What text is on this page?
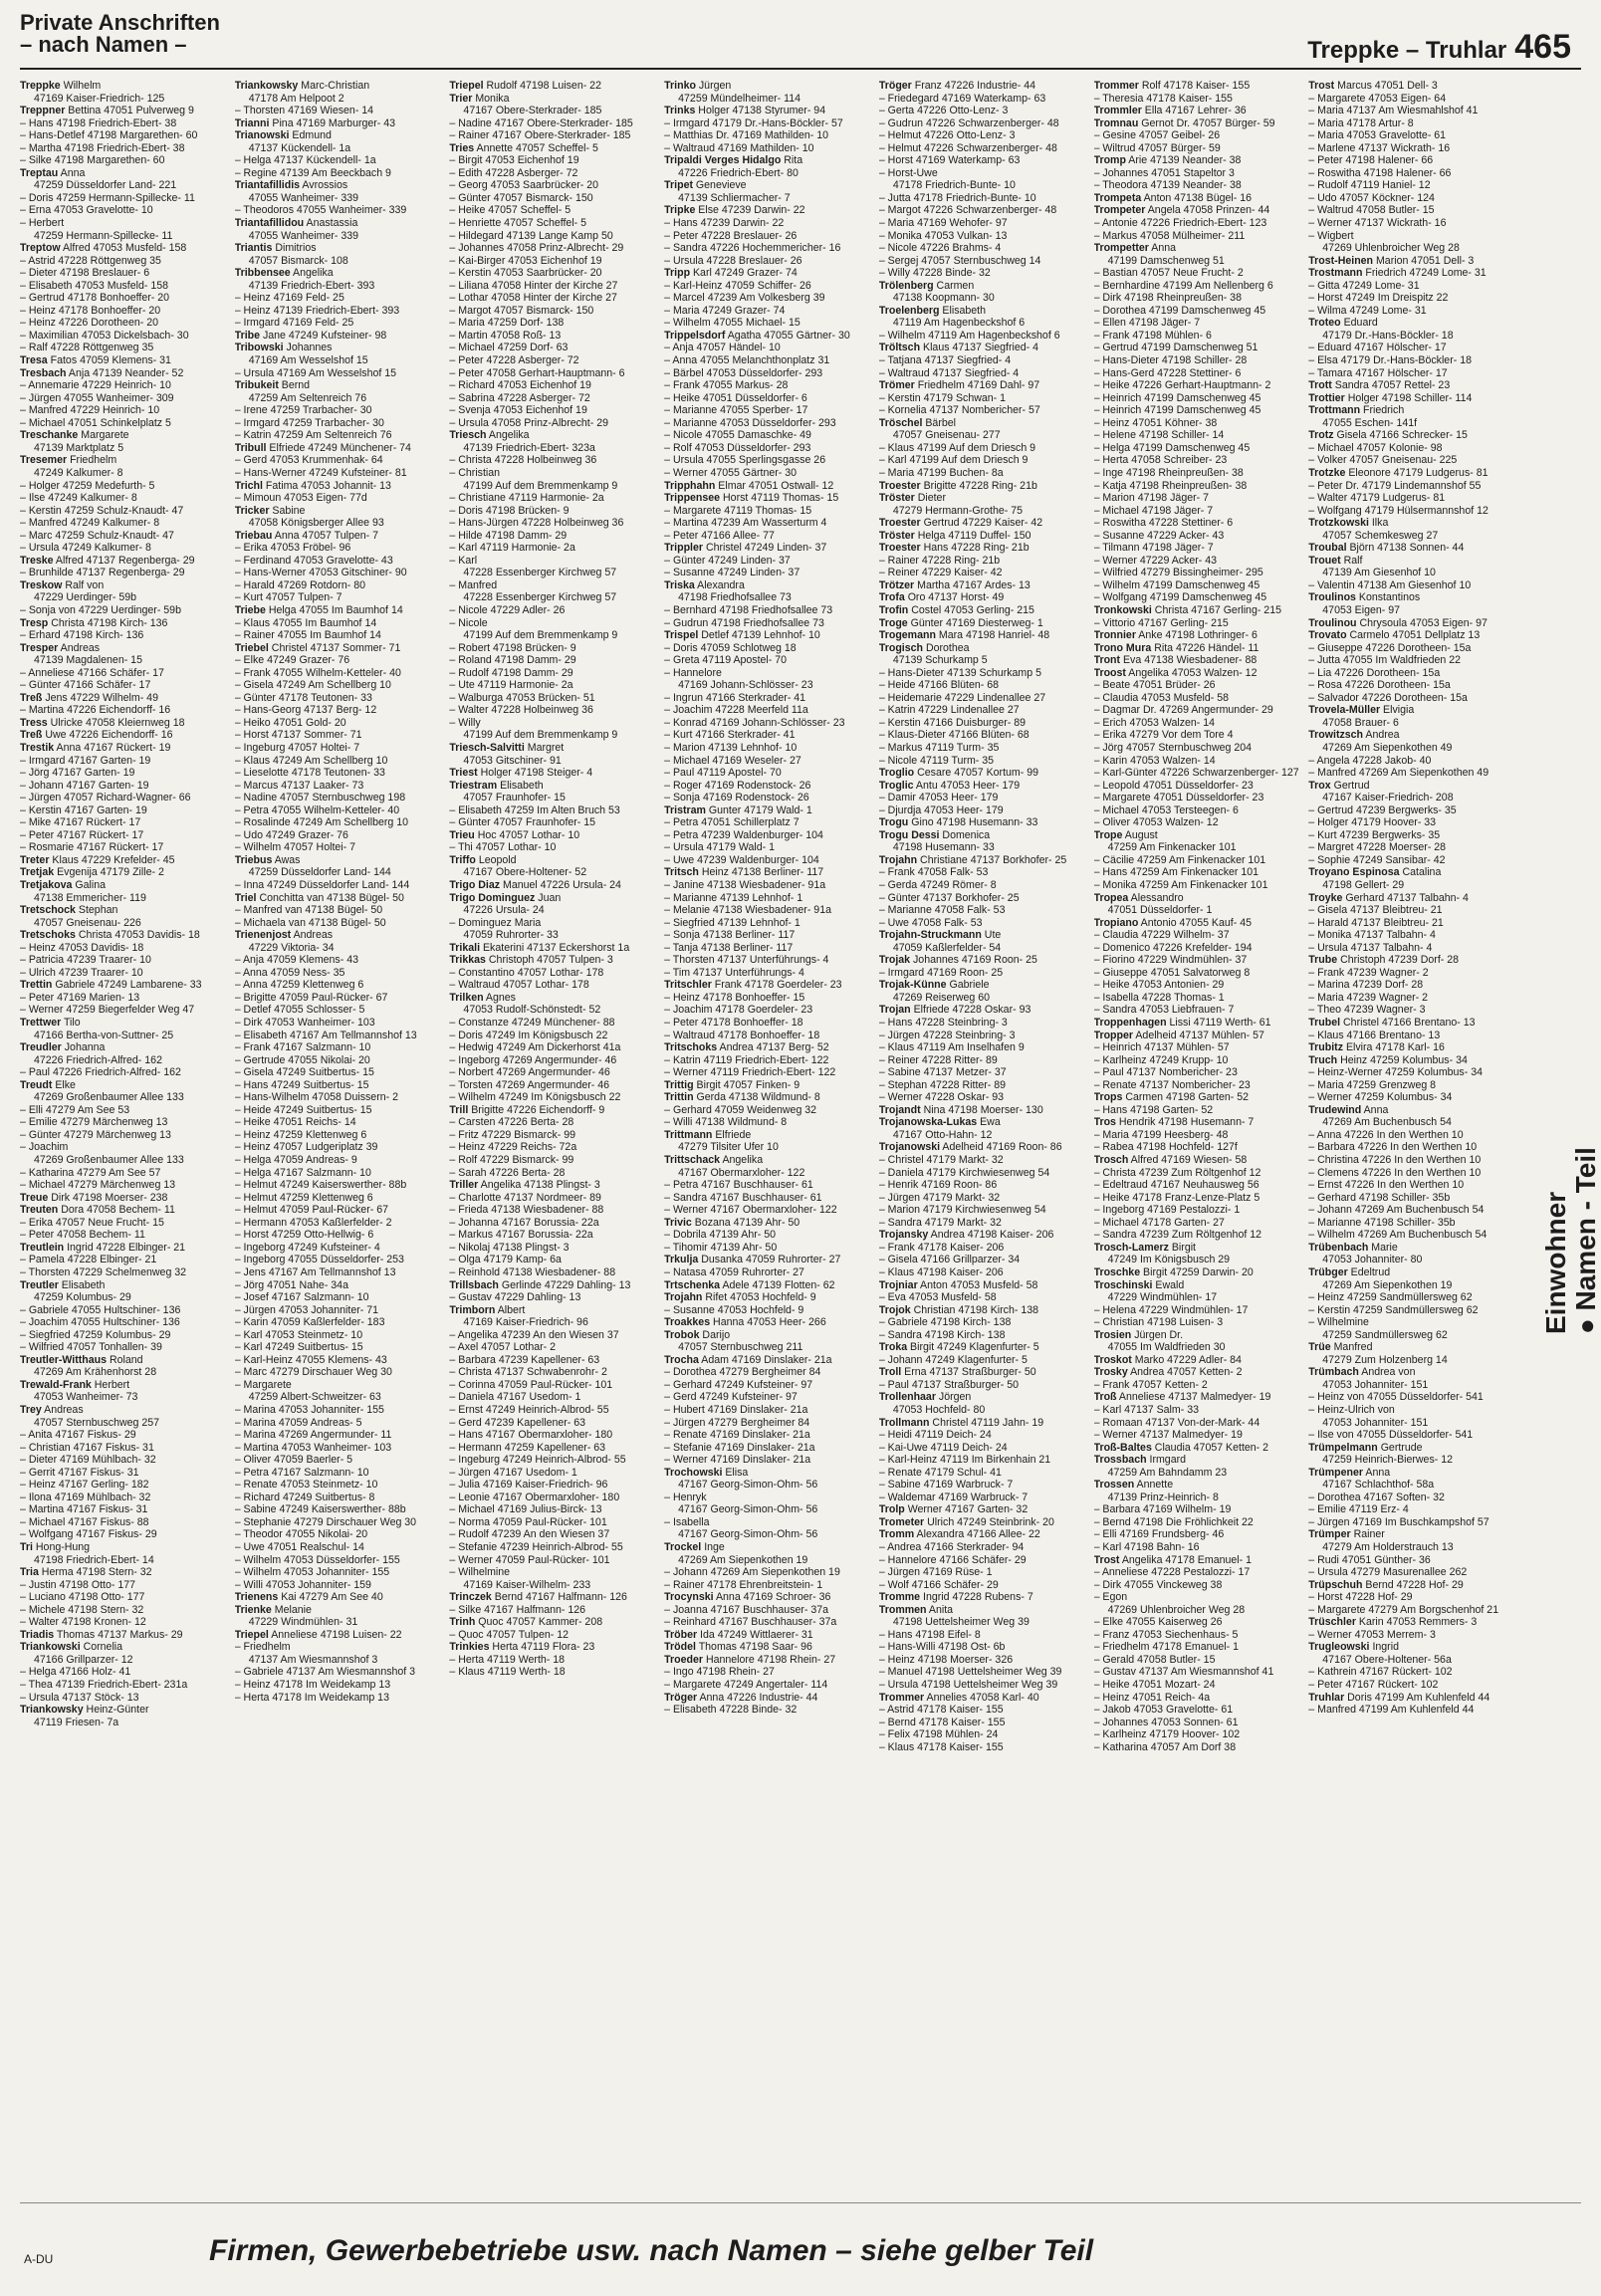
Private Anschriften
– nach Namen –	Treppke – Truhlar 465
Treppke Wilhelm
47169 Kaiser-Friedrich- 125
Treppner Bettina 47051 Pulverweg 9
– Hans 47198 Friedrich-Ebert- 38
– Hans-Detlef 47198 Margarethen- 60
– Martha 47198 Friedrich-Ebert- 38
– Silke 47198 Margarethen- 60
Treptau Anna
47259 Düsseldorfer Land- 221
– Doris 47259 Hermann-Spillecke- 11
– Erna 47053 Gravelotte- 10
– Herbert
47259 Hermann-Spillecke- 11
Treptow Alfred 47053 Musfeld- 158
– Astrid 47228 Röttgenweg 35
– Dieter 47198 Breslauer- 6
– Elisabeth 47053 Musfeld- 158
– Gertrud 47178 Bonhoeffer- 20
– Heinz 47178 Bonhoeffer- 20
– Heinz 47226 Dorotheen- 20
– Maximilian 47053 Dickelsbach- 30
– Ralf 47228 Röttgenweg 35
Tresa Fatos 47059 Klemens- 31
Tresbach Anja 47139 Neander- 52
– Annemarie 47229 Heinrich- 10
– Jürgen 47055 Wanheimer- 309
– Manfred 47229 Heinrich- 10
– Michael 47051 Schinkelplatz 5
Treschanke Margarete
47139 Marktplatz 5
Tresemer Friedhelm
47249 Kalkumer- 8
– Holger 47259 Medefurth- 5
– Ilse 47249 Kalkumer- 8
– Kerstin 47259 Schulz-Knaudt- 47
– Manfred 47249 Kalkumer- 8
– Marc 47259 Schulz-Knaudt- 47
– Ursula 47249 Kalkumer- 8
Treske Alfred 47137 Regenberga- 29
– Brunhilde 47137 Regenberga- 29
Treskow Ralf von
47229 Uerdinger- 59b
– Sonja von 47229 Uerdinger- 59b
Tresp Christa 47198 Kirch- 136
– Erhard 47198 Kirch- 136
Tresper Andreas
47139 Magdalenen- 15
– Anneliese 47166 Schäfer- 17
– Günter 47166 Schäfer- 17
Treß Jens 47229 Wilhelm- 49
– Martina 47226 Eichendorff- 16
Tress Ulricke 47058 Kleiernweg 18
Treß Uwe 47226 Eichendorff- 16
Trestik Anna 47167 Rückert- 19
– Irmgard 47167 Garten- 19
– Jörg 47167 Garten- 19
– Johann 47167 Garten- 19
– Jürgen 47057 Richard-Wagner- 66
– Kerstin 47167 Garten- 19
– Mike 47167 Rückert- 17
– Peter 47167 Rückert- 17
– Rosmarie 47167 Rückert- 17
Treter Klaus 47229 Krefelder- 45
Tretjak Evgenija 47179 Zille- 2
Tretjakova Galina
47138 Emmericher- 119
Tretschock Stephan
47057 Gneisenau- 226
Tretschoks Christa 47053 Davidis- 18
– Heinz 47053 Davidis- 18
– Patricia 47239 Traarer- 10
– Ulrich 47239 Traarer- 10
Trettin Gabriele 47249 Lambarene- 33
– Peter 47169 Marien- 13
– Werner 47259 Biegerfelder Weg 47
Trettwer Tilo
47166 Bertha-von-Suttner- 25
Treudler Johanna
47226 Friedrich-Alfred- 162
– Paul 47226 Friedrich-Alfred- 162
Treudt Elke
47269 Großenbaumer Allee 133
– Elli 47279 Am See 53
– Emilie 47279 Märchenweg 13
– Günter 47279 Märchenweg 13
– Joachim
47269 Großenbaumer Allee 133
– Katharina 47279 Am See 57
– Michael 47279 Märchenweg 13
Treue Dirk 47198 Moerser- 238
Treuten Dora 47058 Bechem- 11
– Erika 47057 Neue Frucht- 15
– Peter 47058 Bechem- 11
Treutlein Ingrid 47228 Elbinger- 21
– Pamela 47228 Elbinger- 21
– Thorsten 47229 Schelmenweg 32
Treutler Elisabeth
47259 Kolumbus- 29
– Gabriele 47055 Hultschiner- 136
– Joachim 47055 Hultschiner- 136
– Siegfried 47259 Kolumbus- 29
– Wilfried 47057 Tonhallen- 39
Treutler-Witthaus Roland
47269 Am Krähenhorst 28
Trewald-Frank Herbert
47053 Wanheimer- 73
Trey Andreas
47057 Sternbuschweg 257
– Anita 47167 Fiskus- 29
– Christian 47167 Fiskus- 31
– Dieter 47169 Mühlbach- 32
– Gerrit 47167 Fiskus- 31
– Heinz 47167 Gerling- 182
– Ilona 47169 Mühlbach- 32
– Martina 47167 Fiskus- 31
– Michael 47167 Fiskus- 88
– Wolfgang 47167 Fiskus- 29
Tri Hong-Hung
47198 Friedrich-Ebert- 14
Tria Herma 47198 Stern- 32
– Justin 47198 Otto- 177
– Luciano 47198 Otto- 177
– Michele 47198 Stern- 32
– Walter 47198 Kronen- 12
Triadis Thomas 47137 Markus- 29
Triankowski Cornelia
47166 Grillparzer- 12
– Helga 47166 Holz- 41
– Thea 47139 Friedrich-Ebert- 231a
– Ursula 47137 Stöck- 13
Triankowsky Heinz-Günter
47119 Friesen- 7a
Triankowsky Marc-Christian
47178 Am Helpoot 2
– Thorsten 47169 Wiesen- 14
Trianni Pina 47169 Marburger- 43
Trianowski Edmund
47137 Kückendell- 1a
– Helga 47137 Kückendell- 1a
– Regine 47139 Am Beeckbach 9
Triantafillidis Avrossios
47055 Wanheimer- 339
– Theodoros 47055 Wanheimer- 339
Triantafillidou Anastassia
47055 Wanheimer- 339
Triantis Dimitrios
47057 Bismarck- 108
Tribbensee Angelika
47139 Friedrich-Ebert- 393
– Heinz 47169 Feld- 25
– Heinz 47139 Friedrich-Ebert- 393
– Irmgard 47169 Feld- 25
Tribe Jane 47249 Kufsteiner- 98
Tribowski Johannes
47169 Am Wesselshof 15
– Ursula 47169 Am Wesselshof 15
Tribukeit Bernd
47259 Am Seltenreich 76
– Irene 47259 Trarbacher- 30
– Irmgard 47259 Trarbacher- 30
– Katrin 47259 Am Seltenreich 76
Tribull Elfriede 47249 Münchener- 74
– Gerd 47053 Krummenhak- 64
– Hans-Werner 47249 Kufsteiner- 81
Trichl Fatima 47053 Johannit- 13
– Mimoun 47053 Eigen- 77d
Tricker Sabine
47058 Königsberger Allee 93
Triebau Anna 47057 Tulpen- 7
– Erika 47053 Fröbel- 96
– Ferdinand 47053 Gravelotte- 43
– Hans-Werner 47053 Gitschiner- 90
– Harald 47269 Rotdorn- 80
– Kurt 47057 Tulpen- 7
Triebe Helga 47055 Im Baumhof 14
– Klaus 47055 Im Baumhof 14
– Rainer 47055 Im Baumhof 14
Triebel Christel 47137 Sommer- 71
– Elke 47249 Grazer- 76
– Frank 47055 Wilhelm-Ketteler- 40
– Gisela 47249 Am Schellberg 10
– Günter 47178 Teutonen- 33
– Hans-Georg 47137 Berg- 12
– Heiko 47051 Gold- 20
– Horst 47137 Sommer- 71
– Ingeburg 47057 Holtei- 7
– Klaus 47249 Am Schellberg 10
– Lieselotte 47178 Teutonen- 33
– Marcus 47137 Laaker- 73
– Nadine 47057 Sternbuschweg 198
– Petra 47055 Wilhelm-Ketteler- 40
– Rosalinde 47249 Am Schellberg 10
– Udo 47249 Grazer- 76
– Wilhelm 47057 Holtei- 7
Triebus Awas
47259 Düsseldorfer Land- 144
– Inna 47249 Düsseldorfer Land- 144
Triel Conchitta van 47138 Bügel- 50
– Manfred van 47138 Bügel- 50
– Michaela van 47138 Bügel- 50
Trienenjost Andreas
47229 Viktoria- 34
– Anja 47059 Klemens- 43
– Anna 47059 Ness- 35
– Anna 47259 Klettenweg 6
– Brigitte 47059 Paul-Rücker- 67
– Detlef 47055 Schlosser- 5
– Dirk 47053 Wanheimer- 103
– Elisabeth 47167 Am Tellmannshof 13
– Frank 47167 Salzmann- 10
– Gertrude 47055 Nikolai- 20
– Gisela 47249 Suitbertus- 15
– Hans 47249 Suitbertus- 15
– Hans-Wilhelm 47058 Duissern- 2
– Heide 47249 Suitbertus- 15
– Heike 47051 Reichs- 14
– Heinz 47259 Klettenweg 6
– Heinz 47057 Ludgeriplatz 39
– Helga 47059 Andreas- 9
– Helga 47167 Salzmann- 10
– Helmut 47249 Kaiserswerther- 88b
– Helmut 47259 Klettenweg 6
– Helmut 47059 Paul-Rücker- 67
– Hermann 47053 Kaßlerfelder- 2
– Horst 47259 Otto-Hellwig- 6
– Ingeborg 47249 Kufsteiner- 4
– Ingeborg 47055 Düsseldorfer- 253
– Jens 47167 Am Tellmannshof 13
– Jörg 47051 Nahe- 34a
– Josef 47167 Salzmann- 10
– Jürgen 47053 Johanniter- 71
– Karin 47059 Kaßlerfelder- 183
– Karl 47053 Steinmetz- 10
– Karl 47249 Suitbertus- 15
– Karl-Heinz 47055 Klemens- 43
– Marc 47279 Dirschauer Weg 30
– Margarete
47259 Albert-Schweitzer- 63
– Marina 47053 Johanniter- 155
– Marina 47059 Andreas- 5
– Marina 47269 Angermunder- 11
– Martina 47053 Wanheimer- 103
– Oliver 47059 Baerler- 5
– Petra 47167 Salzmann- 10
– Renate 47053 Steinmetz- 10
– Richard 47249 Suitbertus- 8
– Sabine 47249 Kaiserswerther- 88b
– Stephanie 47279 Dirschauer Weg 30
– Theodor 47055 Nikolai- 20
– Uwe 47051 Realschul- 14
– Wilhelm 47053 Düsseldorfer- 155
– Wilhelm 47053 Johanniter- 155
– Willi 47053 Johanniter- 159
Trienens Kai 47279 Am See 40
Trienke Melanie
47229 Windmühlen- 31
Triepel Anneliese 47198 Luisen- 22
– Friedhelm
47137 Am Wiesmannshof 3
– Gabriele 47137 Am Wiesmannshof 3
– Heinz 47178 Im Weidekamp 13
– Herta 47178 Im Weidekamp 13
Triepel Rudolf 47198 Luisen- 22
Trier Monika
47167 Obere-Sterkrader- 185
– Nadine 47167 Obere-Sterkrader- 185
– Rainer 47167 Obere-Sterkrader- 185
Tries Annette 47057 Scheffel- 5
– Birgit 47053 Eichenhof 19
– Edith 47228 Asberger- 72
– Georg 47053 Saarbrücker- 20
– Günter 47057 Bismarck- 150
– Heike 47057 Scheffel- 5
– Henriette 47057 Scheffel- 5
– Hildegard 47139 Lange Kamp 50
– Johannes 47058 Prinz-Albrecht- 29
– Kai-Birger 47053 Eichenhof 19
– Kerstin 47053 Saarbrücker- 20
– Liliana 47058 Hinter der Kirche 27
– Lothar 47058 Hinter der Kirche 27
– Margot 47057 Bismarck- 150
– Maria 47259 Dorf- 138
– Martin 47058 Roß- 13
– Michael 47259 Dorf- 63
– Peter 47228 Asberger- 72
– Peter 47058 Gerhart-Hauptmann- 6
– Richard 47053 Eichenhof 19
– Sabrina 47228 Asberger- 72
– Svenja 47053 Eichenhof 19
– Ursula 47058 Prinz-Albrecht- 29
Triesch Angelika
47139 Friedrich-Ebert- 323a
– Christa 47228 Holbeinweg 36
– Christian
47199 Auf dem Bremmenkamp 9
– Christiane 47119 Harmonie- 2a
– Doris 47198 Brücken- 9
– Hans-Jürgen 47228 Holbeinweg 36
– Hilde 47198 Damm- 29
– Karl 47119 Harmonie- 2a
– Karl
47228 Essenberger Kirchweg 57
– Manfred
47228 Essenberger Kirchweg 57
– Nicole 47229 Adler- 26
– Nicole
47199 Auf dem Bremmenkamp 9
– Robert 47198 Brücken- 9
– Roland 47198 Damm- 29
– Rudolf 47198 Damm- 29
– Ute 47119 Harmonie- 2a
– Walburga 47053 Brücken- 51
– Walter 47228 Holbeinweg 36
– Willy
47199 Auf dem Bremmenkamp 9
Triesch-Salvitti Margret
47053 Gitschiner- 91
Triest Holger 47198 Steiger- 4
Triestram Elisabeth
47057 Fraunhofer- 15
– Elisabeth 47259 Im Alten Bruch 53
– Günter 47057 Fraunhofer- 15
Trieu Hoc 47057 Lothar- 10
– Thi 47057 Lothar- 10
Triffo Leopold
47167 Obere-Holtener- 52
Trigo Diaz Manuel 47226 Ursula- 24
Trigo Dominguez Juan
47226 Ursula- 24
– Dominguez Maria
47059 Ruhrorter- 33
Trikali Ekaterini 47137 Eckershorst 1a
Trikkas Christoph 47057 Tulpen- 3
– Constantino 47057 Lothar- 178
– Waltraud 47057 Lothar- 178
Trilken Agnes
47053 Rudolf-Schönstedt- 52
– Constanze 47249 Münchener- 88
– Doris 47249 Im Königsbusch 22
– Hedwig 47249 Am Dickerhorst 41a
– Ingeborg 47269 Angermunder- 46
– Norbert 47269 Angermunder- 46
– Torsten 47269 Angermunder- 46
– Wilhelm 47249 Im Königsbusch 22
Trill Brigitte 47226 Eichendorff- 9
– Carsten 47226 Berta- 28
– Fritz 47229 Bismarck- 99
– Heinz 47229 Reichs- 72a
– Rolf 47229 Bismarck- 99
– Sarah 47226 Berta- 28
Triller Angelika 47138 Plingst- 3
– Charlotte 47137 Nordmeer- 89
– Frieda 47138 Wiesbadener- 88
– Johanna 47167 Borussia- 22a
– Markus 47167 Borussia- 22a
– Nikolaj 47138 Plingst- 3
– Olga 47179 Kamp- 6a
– Reinhold 47138 Wiesbadener- 88
Trillsbach Gerlinde 47229 Dahling- 13
– Gustav 47229 Dahling- 13
Trimborn Albert
47169 Kaiser-Friedrich- 96
– Angelika 47239 An den Wiesen 37
– Axel 47057 Lothar- 2
– Barbara 47239 Kapellener- 63
– Christa 47137 Schwabenrohr- 2
– Corinna 47059 Paul-Rücker- 101
– Daniela 47167 Usedom- 1
– Ernst 47249 Heinrich-Albrod- 55
– Gerd 47239 Kapellener- 63
– Hans 47167 Obermarxloher- 180
– Hermann 47259 Kapellener- 63
– Ingeburg 47249 Heinrich-Albrod- 55
– Jürgen 47167 Usedom- 1
– Julia 47169 Kaiser-Friedrich- 96
– Leonie 47167 Obermarxloher- 180
– Michael 47169 Julius-Birck- 13
– Norma 47059 Paul-Rücker- 101
– Rudolf 47239 An den Wiesen 37
– Stefanie 47239 Heinrich-Albrod- 55
– Werner 47059 Paul-Rücker- 101
– Wilhelmine
47169 Kaiser-Wilhelm- 233
Trinczek Bernd 47167 Halfmann- 126
– Silke 47167 Halfmann- 126
Trinh Quoc 47057 Kammer- 208
– Quoc 47057 Tulpen- 12
Trinkies Herta 47119 Flora- 23
– Herta 47119 Werth- 18
– Klaus 47119 Werth- 18
Trinko Jürgen
47259 Mündelheimer- 114
Trinks Holger 47138 Styrumer- 94
– Irmgard 47179 Dr.-Hans-Böckler- 57
– Matthias Dr. 47169 Mathilden- 10
– Waltraud 47169 Mathilden- 10
Tripaldi Verges Hidalgo Rita
47226 Friedrich-Ebert- 80
Tripet Genevieve
47139 Schliermacher- 7
Tripke Else 47239 Darwin- 22
– Hans 47239 Darwin- 22
– Peter 47228 Breslauer- 26
– Sandra 47226 Hochemmericher- 16
– Ursula 47228 Breslauer- 26
Tripp Karl 47249 Grazer- 74
– Karl-Heinz 47059 Schiffer- 26
– Marcel 47239 Am Volkesberg 39
– Maria 47249 Grazer- 74
– Wilhelm 47055 Michael- 15
Trippelsdorf Agatha 47055 Gärtner- 30
– Anja 47057 Händel- 10
– Anna 47055 Melanchthonplatz 31
– Bärbel 47053 Düsseldorfer- 293
– Frank 47055 Markus- 28
– Heike 47051 Düsseldorfer- 6
– Marianne 47055 Sperber- 17
– Marianne 47053 Düsseldorfer- 293
– Nicole 47055 Damaschke- 49
– Rolf 47053 Düsseldorfer- 293
– Ursula 47055 Sperlingsgasse 26
– Werner 47055 Gärtner- 30
Tripphahn Elmar 47051 Ostwall- 12
Trippensee Horst 47119 Thomas- 15
– Margarete 47119 Thomas- 15
– Martina 47239 Am Wasserturm 4
– Peter 47166 Allee- 77
Trippler Christel 47249 Linden- 37
– Günter 47249 Linden- 37
– Susanne 47249 Linden- 37
Triska Alexandra
47198 Friedhofsallee 73
– Bernhard 47198 Friedhofsallee 73
– Gudrun 47198 Friedhofsallee 73
Trispel Detlef 47139 Lehnhof- 10
– Doris 47059 Schlotweg 18
– Greta 47119 Apostel- 70
– Hannelore
47169 Johann-Schlösser- 23
– Ingrun 47166 Sterkrader- 41
– Joachim 47228 Meerfeld 11a
– Konrad 47169 Johann-Schlösser- 23
– Kurt 47166 Sterkrader- 41
– Marion 47139 Lehnhof- 10
– Michael 47169 Weseler- 27
– Paul 47119 Apostel- 70
– Roger 47169 Rodenstock- 26
– Sonja 47169 Rodenstock- 26
Tristram Gunter 47179 Wald- 1
– Petra 47051 Schillerplatz 7
– Petra 47239 Waldenburger- 104
– Ursula 47179 Wald- 1
– Uwe 47239 Waldenburger- 104
Tritsch Heinz 47138 Berliner- 117
– Janine 47138 Wiesbadener- 91a
– Marianne 47139 Lehnhof- 1
– Melanie 47138 Wiesbadener- 91a
– Siegfried 47139 Lehnhof- 1
– Sonja 47138 Berliner- 117
– Tanja 47138 Berliner- 117
– Thorsten 47137 Unterführungs- 4
– Tim 47137 Unterführungs- 4
Tritschler Frank 47178 Goerdeler- 23
– Heinz 47178 Bonhoeffer- 15
– Joachim 47178 Goerdeler- 23
– Peter 47178 Bonhoeffer- 18
– Waltraud 47178 Bonhoeffer- 18
Tritschoks Andrea 47137 Berg- 52
– Katrin 47119 Friedrich-Ebert- 122
– Werner 47119 Friedrich-Ebert- 122
Trittig Birgit 47057 Finken- 9
Trittin Gerda 47138 Wildmund- 8
– Gerhard 47059 Weidenweg 32
– Willi 47138 Wildmund- 8
Trittmann Elfriede
47279 Tilsiter Ufer 10
Trittschack Angelika
47167 Obermarxloher- 122
– Petra 47167 Buschhauser- 61
– Sandra 47167 Buschhauser- 61
– Werner 47167 Obermarxloher- 122
Trivic Bozana 47139 Ahr- 50
– Dobrila 47139 Ahr- 50
– Tihomir 47139 Ahr- 50
Trkulja Dusanka 47059 Ruhrorter- 27
– Natasa 47059 Ruhrorter- 27
Trtschenka Adele 47139 Flotten- 62
Trojahn Rifet 47053 Hochfeld- 9
– Susanne 47053 Hochfeld- 9
Troakkes Hanna 47053 Heer- 266
Trobok Darijo
47057 Sternbuschweg 211
Trocha Adam 47169 Dinslaker- 21a
– Dorothea 47279 Bergheimer 84
– Gerhard 47249 Kufsteiner- 97
– Gerd 47249 Kufsteiner- 97
– Hubert 47169 Dinslaker- 21a
– Jürgen 47279 Bergheimer 84
– Renate 47169 Dinslaker- 21a
– Stefanie 47169 Dinslaker- 21a
– Werner 47169 Dinslaker- 21a
Trochowski Elisa
47167 Georg-Simon-Ohm- 56
– Henryk
47167 Georg-Simon-Ohm- 56
– Isabella
47167 Georg-Simon-Ohm- 56
Trockel Inge
47269 Am Siepenkothen 19
– Johann 47269 Am Siepenkothen 19
– Rainer 47178 Ehrenbreitstein- 1
Trocynski Anna 47169 Schroer- 36
– Joanna 47167 Buschhauser- 37a
– Reinhard 47167 Buschhauser- 37a
Tröber Ida 47249 Wittlaerer- 31
Trödel Thomas 47198 Saar- 96
Troeder Hannelore 47198 Rhein- 27
– Ingo 47198 Rhein- 27
– Margarete 47249 Angertaler- 114
Tröger Anna 47226 Industrie- 44
– Elisabeth 47228 Binde- 32
Tröger Franz 47226 Industrie- 44
– Friedegard 47169 Waterkamp- 63
– Gerta 47226 Otto-Lenz- 3
– Gudrun 47226 Schwarzenberger- 48
– Helmut 47226 Otto-Lenz- 3
– Helmut 47226 Schwarzenberger- 48
– Horst 47169 Waterkamp- 63
– Horst-Uwe
47178 Friedrich-Bunte- 10
– Jutta 47178 Friedrich-Bunte- 10
– Margot 47226 Schwarzenberger- 48
– Maria 47169 Wehofer- 97
– Monika 47053 Vulkan- 13
– Nicole 47226 Brahms- 4
– Sergej 47057 Sternbuschweg 14
– Willy 47228 Binde- 32
Trölenberg Carmen
47138 Koopmann- 30
Troelenberg Elisabeth
47119 Am Hagenbeckshof 6
– Wilhelm 47119 Am Hagenbeckshof 6
Tröltsch Klaus 47137 Siegfried- 4
– Tatjana 47137 Siegfried- 4
– Waltraud 47137 Siegfried- 4
Trömer Friedhelm 47169 Dahl- 97
– Kerstin 47179 Schwan- 1
– Kornelia 47137 Nombericher- 57
Tröschel Bärbel
47057 Gneisenau- 277
– Klaus 47199 Auf dem Driesch 9
– Karl 47199 Auf dem Driesch 9
– Maria 47199 Buchen- 8a
Troester Brigitte 47228 Ring- 21b
Tröster Dieter
47279 Hermann-Grothe- 75
Troester Gertrud 47229 Kaiser- 42
Tröster Helga 47119 Duffel- 150
Troester Hans 47228 Ring- 21b
– Rainer 47228 Ring- 21b
– Reiner 47229 Kaiser- 42
Trötzer Martha 47167 Ardes- 13
Trofa Oro 47137 Horst- 49
Trofin Costel 47053 Gerling- 215
Troge Günter 47169 Diesterweg- 1
Trogemann Mara 47198 Hanriel- 48
Trogisch Dorothea
47139 Schurkamp 5
– Hans-Dieter 47139 Schurkamp 5
– Heide 47166 Blüten- 68
– Heidemarie 47229 Lindenallee 27
– Katrin 47229 Lindenallee 27
– Kerstin 47166 Duisburger- 89
– Klaus-Dieter 47166 Blüten- 68
– Markus 47119 Turm- 35
– Nicole 47119 Turm- 35
Troglio Cesare 47057 Kortum- 99
Troglic Antu 47053 Heer- 179
– Damir 47053 Heer- 179
– Djurdja 47053 Heer- 179
Trogu Gino 47198 Husemann- 33
Trogu Dessi Domenica
47198 Husemann- 33
Trojahn Christiane 47137 Borkhofer- 25
– Frank 47058 Falk- 53
– Gerda 47249 Römer- 8
– Günter 47137 Borkhofer- 25
– Marianne 47058 Falk- 53
– Uwe 47058 Falk- 53
Trojahn-Struckmann Ute
47059 Kaßlerfelder- 54
Trojak Johannes 47169 Roon- 25
– Irmgard 47169 Roon- 25
Trojak-Künne Gabriele
47269 Reiserweg 60
Trojan Elfriede 47228 Oskar- 93
– Hans 47228 Steinbring- 3
– Jürgen 47228 Steinbring- 3
– Klaus 47119 Am Inselhafen 9
– Reiner 47228 Ritter- 89
– Sabine 47137 Metzer- 37
– Stephan 47228 Ritter- 89
– Werner 47228 Oskar- 93
Trojandt Nina 47198 Moerser- 130
Trojanowska-Lukas Ewa
47167 Otto-Hahn- 12
Trojanowski Adelheid 47169 Roon- 86
– Christel 47179 Markt- 32
– Daniela 47179 Kirchwiesenweg 54
– Henrik 47169 Roon- 86
– Jürgen 47179 Markt- 32
– Marion 47179 Kirchwiesenweg 54
– Sandra 47179 Markt- 32
Trojansky Andrea 47198 Kaiser- 206
– Frank 47178 Kaiser- 206
– Gisela 47166 Grillparzer- 34
– Klaus 47198 Kaiser- 206
Trojniar Anton 47053 Musfeld- 58
– Eva 47053 Musfeld- 58
Trojok Christian 47198 Kirch- 138
– Gabriele 47198 Kirch- 138
– Sandra 47198 Kirch- 138
Troka Birgit 47249 Klagenfurter- 5
– Johann 47249 Klagenfurter- 5
Troll Erna 47137 Straßburger- 50
– Paul 47137 Straßburger- 50
Trollenhaar Jörgen
47053 Hochfeld- 80
Trollmann Christel 47119 Jahn- 19
– Heidi 47119 Deich- 24
– Kai-Uwe 47119 Deich- 24
– Karl-Heinz 47119 Im Birkenhain 21
– Renate 47179 Schul- 41
– Sabine 47169 Warbruck- 7
– Waldemar 47169 Warbruck- 7
Trolp Werner 47167 Garten- 32
Trometer Ulrich 47249 Steinbrink- 20
Tromm Alexandra 47166 Allee- 22
– Andrea 47166 Sterkrader- 94
– Hannelore 47166 Schäfer- 29
– Jürgen 47169 Rüse- 1
– Wolf 47166 Schäfer- 29
Tromme Ingrid 47228 Rubens- 7
Trommen Anita
47198 Uettelsheimer Weg 39
– Hans 47198 Eifel- 8
– Hans-Willi 47198 Ost- 6b
– Heinz 47198 Moerser- 326
– Manuel 47198 Uettelsheimer Weg 39
– Ursula 47198 Uettelsheimer Weg 39
Trommer Annelies 47058 Karl- 40
– Astrid 47178 Kaiser- 155
– Bernd 47178 Kaiser- 155
– Felix 47198 Mühlen- 24
– Klaus 47178 Kaiser- 155
Trommer Rolf 47178 Kaiser- 155
– Theresia 47178 Kaiser- 155
Trommler Ella 47167 Lehrer- 36
Tromnau Gernot Dr. 47057 Bürger- 59
– Gesine 47057 Geibel- 26
– Wiltrud 47057 Bürger- 59
Tromp Arie 47139 Neander- 38
– Johannes 47051 Stapeltor 3
– Theodora 47139 Neander- 38
Trompeta Anton 47138 Bügel- 16
Trompeter Angela 47058 Prinzen- 44
– Antonie 47226 Friedrich-Ebert- 123
– Markus 47058 Mülheimer- 211
Trompetter Anna
47199 Damschenweg 51
– Bastian 47057 Neue Frucht- 2
– Bernhardine 47199 Am Nellenberg 6
– Dirk 47198 Rheinpreußen- 38
– Dorothea 47199 Damschenweg 45
– Ellen 47198 Jäger- 7
– Frank 47198 Mühlen- 6
– Gertrud 47199 Damschenweg 51
– Hans-Dieter 47198 Schiller- 28
– Hans-Gerd 47228 Stettiner- 6
– Heike 47226 Gerhart-Hauptmann- 2
– Heinrich 47199 Damschenweg 45
– Heinrich 47199 Damschenweg 45
– Heinz 47051 Köhner- 38
– Helene 47198 Schiller- 14
– Helga 47199 Damschenweg 45
– Herta 47058 Schreiber- 23
– Inge 47198 Rheinpreußen- 38
– Katja 47198 Rheinpreußen- 38
– Marion 47198 Jäger- 7
– Michael 47198 Jäger- 7
– Roswitha 47228 Stettiner- 6
– Susanne 47229 Acker- 43
– Tilmann 47198 Jäger- 7
– Werner 47229 Acker- 43
– Wilfried 47279 Bissingheimer- 295
– Wilhelm 47199 Damschenweg 45
– Wolfgang 47199 Damschenweg 45
Tronkowski Christa 47167 Gerling- 215
– Vittorio 47167 Gerling- 215
Tronnier Anke 47198 Lothringer- 6
Trono Mura Rita 47226 Händel- 11
Tront Eva 47138 Wiesbadener- 88
Troost Angelika 47053 Walzen- 12
– Beate 47051 Brüder- 26
– Claudia 47053 Musfeld- 58
– Dagmar Dr. 47269 Angermunder- 29
– Erich 47053 Walzen- 14
– Erika 47279 Vor dem Tore 4
– Jörg 47057 Sternbuschweg 204
– Karin 47053 Walzen- 14
– Karl-Günter 47226 Schwarzenberger- 127
– Leopold 47051 Düsseldorfer- 23
– Margarete 47051 Düsseldorfer- 23
– Michael 47053 Tersteegen- 6
– Oliver 47053 Walzen- 12
Trope August
47259 Am Finkenacker 101
– Cäcilie 47259 Am Finkenacker 101
– Hans 47259 Am Finkenacker 101
– Monika 47259 Am Finkenacker 101
Tropea Alessandro
47051 Düsseldorfer- 1
Tropiano Antonio 47055 Kauf- 45
– Claudia 47229 Wilhelm- 37
– Domenico 47226 Krefelder- 194
– Fiorino 47229 Windmühlen- 37
– Giuseppe 47051 Salvatorweg 8
– Heike 47053 Antonien- 29
– Isabella 47228 Thomas- 1
– Sandra 47053 Liebfrauen- 7
Troppenhagen Lissi 47119 Werth- 61
Tropper Adelheid 47137 Mühlen- 57
– Heinrich 47137 Mühlen- 57
– Karlheinz 47249 Krupp- 10
– Paul 47137 Nombericher- 23
– Renate 47137 Nombericher- 23
Trops Carmen 47198 Garten- 52
– Hans 47198 Garten- 52
Tros Hendrik 47198 Husemann- 7
– Maria 47199 Heesberg- 48
– Rabea 47198 Hochfeld- 127f
Trosch Alfred 47169 Wiesen- 58
– Christa 47239 Zum Röltgenhof 12
– Edeltraud 47167 Neuhausweg 56
– Heike 47178 Franz-Lenze-Platz 5
– Ingeborg 47169 Pestalozzi- 1
– Michael 47178 Garten- 27
– Sandra 47239 Zum Röltgenhof 12
Trosch-Lamerz Birgit
47249 Im Königsbusch 29
Troschke Birgit 47259 Darwin- 20
Troschinski Ewald
47229 Windmühlen- 17
– Helena 47229 Windmühlen- 17
– Christian 47198 Luisen- 3
Trosien Jürgen Dr.
47055 Im Waldfrieden 30
Troskot Marko 47229 Adler- 84
Trosky Andrea 47057 Ketten- 2
– Frank 47057 Ketten- 2
Troß Anneliese 47137 Malmedyer- 19
– Karl 47137 Salm- 33
– Romaan 47137 Von-der-Mark- 44
– Werner 47137 Malmedyer- 19
Troß-Baltes Claudia 47057 Ketten- 2
Trossbach Irmgard
47259 Am Bahndamm 23
Trossen Annette
47139 Prinz-Heinrich- 8
– Barbara 47169 Wilhelm- 19
– Bernd 47198 Die Fröhlichkeit 22
– Elli 47169 Frundsberg- 46
– Karl 47198 Bahn- 16
Trost Angelika 47178 Emanuel- 1
– Anneliese 47228 Pestalozzi- 17
– Dirk 47055 Vinckeweg 38
– Egon
47269 Uhlenbroicher Weg 28
– Elke 47055 Kaiserweg 26
– Franz 47053 Siechenhaus- 5
– Friedhelm 47178 Emanuel- 1
– Gerald 47058 Butler- 15
– Gustav 47137 Am Wiesmannshof 41
– Heike 47051 Mozart- 24
– Heinz 47051 Reich- 4a
– Jakob 47053 Gravelotte- 61
– Johannes 47053 Sonnen- 61
– Karlheinz 47179 Hoover- 102
– Katharina 47057 Am Dorf 38
Trost Marcus 47051 Dell- 3
– Margarete 47053 Eigen- 64
– Maria 47137 Am Wiesmahlshof 41
– Maria 47178 Artur- 8
– Maria 47053 Gravelotte- 61
– Marlene 47137 Wickrath- 16
– Peter 47198 Halener- 66
– Roswitha 47198 Halener- 66
– Rudolf 47119 Haniel- 12
– Udo 47057 Köckner- 124
– Waltrud 47058 Butler- 15
– Werner 47137 Wickrath- 16
– Wigbert
47269 Uhlenbroicher Weg 28
Trost-Heinen Marion 47051 Dell- 3
Trostmann Friedrich 47249 Lome- 31
– Gitta 47249 Lome- 31
– Horst 47249 Im Dreispitz 22
– Wilma 47249 Lome- 31
Troteo Eduard
47179 Dr.-Hans-Böckler- 18
– Eduard 47167 Hölscher- 17
– Elsa 47179 Dr.-Hans-Böckler- 18
– Tamara 47167 Hölscher- 17
Trott Sandra 47057 Rettel- 23
Trottier Holger 47198 Schiller- 114
Trottmann Friedrich
47055 Eschen- 141f
Trotz Gisela 47166 Schrecker- 15
– Michael 47057 Kolonie- 98
– Volker 47057 Gneisenau- 225
Trotzke Eleonore 47179 Ludgerus- 81
– Peter Dr. 47179 Lindemannshof 55
– Walter 47179 Ludgerus- 81
– Wolfgang 47179 Hülsermannshof 12
Trotzkowski Ilka
47057 Schemkesweg 27
Troubal Björn 47138 Sonnen- 44
Trouet Ralf
47139 Am Giesenhof 10
– Valentin 47138 Am Giesenhof 10
Troulinos Konstantinos
47053 Eigen- 97
Troulinou Chrysoula 47053 Eigen- 97
Trovato Carmelo 47051 Dellplatz 13
– Giuseppe 47226 Dorotheen- 15a
– Jutta 47055 Im Waldfrieden 22
– Lia 47226 Dorotheen- 15a
– Rosa 47226 Dorotheen- 15a
– Salvador 47226 Dorotheen- 15a
Trovela-Müller Elvigia
47058 Brauer- 6
Trowitzsch Andrea
47269 Am Siepenkothen 49
– Angela 47228 Jakob- 40
– Manfred 47269 Am Siepenkothen 49
Trox Gertrud
47167 Kaiser-Friedrich- 208
– Gertrud 47239 Bergwerks- 35
– Holger 47179 Hoover- 33
– Kurt 47239 Bergwerks- 35
– Margret 47228 Moerser- 28
– Sophie 47249 Sansibar- 42
Troyano Espinosa Catalina
47198 Gellert- 29
Troyke Gerhard 47137 Talbahn- 4
– Gisela 47137 Bleibtreu- 21
– Harald 47137 Bleibtreu- 21
– Monika 47137 Talbahn- 4
– Ursula 47137 Talbahn- 4
Trube Christoph 47239 Dorf- 28
– Frank 47239 Wagner- 2
– Marina 47239 Dorf- 28
– Maria 47239 Wagner- 2
– Theo 47239 Wagner- 3
Trubel Christel 47166 Brentano- 13
– Klaus 47166 Brentano- 13
Trubitz Elvira 47178 Karl- 16
Truch Heinz 47259 Kolumbus- 34
– Heinz-Werner 47259 Kolumbus- 34
– Maria 47259 Grenzweg 8
– Werner 47259 Kolumbus- 34
Trudewind Anna
47269 Am Buchenbusch 54
– Anna 47226 In den Werthen 10
– Barbara 47226 In den Werthen 10
– Christina 47226 In den Werthen 10
– Clemens 47226 In den Werthen 10
– Ernst 47226 In den Werthen 10
– Gerhard 47198 Schiller- 35b
– Johann 47269 Am Buchenbusch 54
– Marianne 47198 Schiller- 35b
– Wilhelm 47269 Am Buchenbusch 54
Trübenbach Marie
47053 Johanniter- 80
Trübger Edeltrud
47269 Am Siepenkothen 19
– Heinz 47259 Sandmüllersweg 62
– Kerstin 47259 Sandmüllersweg 62
– Wilhelmine
47259 Sandmüllersweg 62
Trüe Manfred
47279 Zum Holzenberg 14
Trümbach Andrea von
47053 Johanniter- 151
– Heinz von 47055 Düsseldorfer- 541
– Heinz-Ulrich von
47053 Johanniter- 151
– Ilse von 47055 Düsseldorfer- 541
Trümpelmann Gertrude
47259 Heinrich-Bierwes- 12
Trümpener Anna
47167 Schlachthof- 58a
– Dorothea 47167 Soften- 32
– Emilie 47119 Erz- 4
– Jürgen 47169 Im Buschkampshof 57
Trümper Rainer
47279 Am Holderstrauch 13
– Rudi 47051 Günther- 36
– Ursula 47279 Masurenallee 262
Trüpschuh Bernd 47228 Hof- 29
– Horst 47228 Hof- 29
– Margarete 47279 Am Borgschenhof 21
Trüschler Karin 47053 Remmers- 3
– Werner 47053 Merrem- 3
Trugleowski Ingrid
47167 Obere-Holtener- 56a
– Kathrein 47167 Rückert- 102
– Peter 47167 Rückert- 102
Truhlar Doris 47199 Am Kuhlenfeld 44
– Manfred 47199 Am Kuhlenfeld 44
Einwohner ● Namen - Teil
A-DU	Firmen, Gewerbebetriebe usw. nach Namen – siehe gelber Teil
